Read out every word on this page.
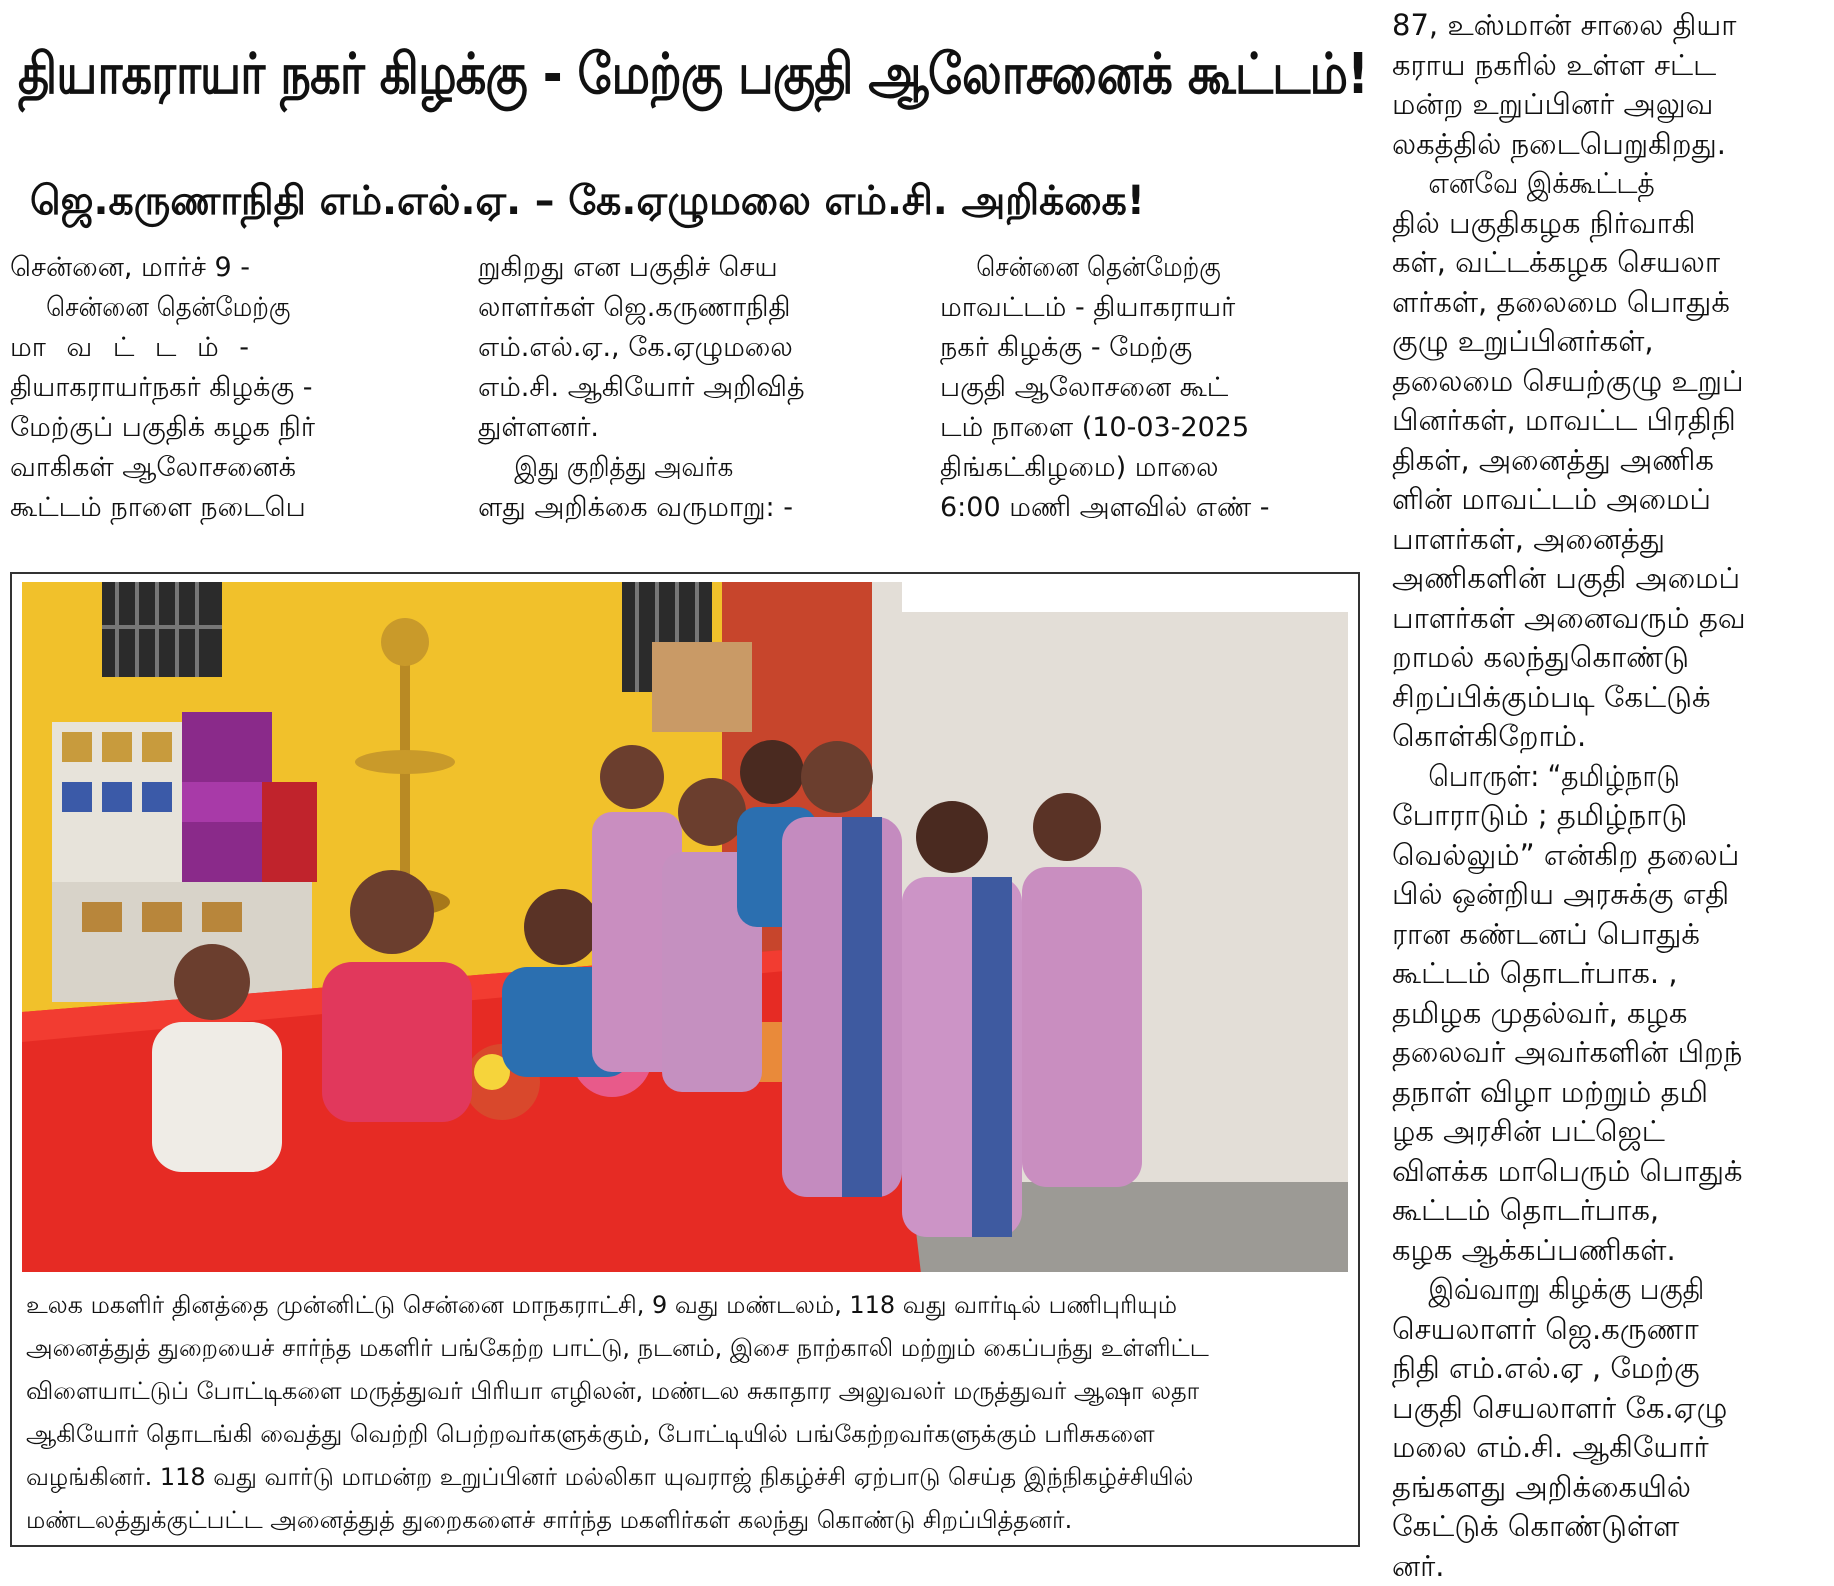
தியாகராயர் நகர் கிழக்கு - மேற்கு பகுதி ஆலோசனைக் கூட்டம்!
ஜெ.கருணாநிதி எம்.எல்.ஏ. – கே.ஏழுமலை எம்.சி. அறிக்கை!

சென்னை, மார்ச் 9 -

சென்னை தென்மேற்கு

மா வ ட் ட ம் -

தியாகராயர்நகர் கிழக்கு -

மேற்குப் பகுதிக் கழக நிர்

வாகிகள் ஆலோசனைக்

கூட்டம் நாளை நடைபெ

றுகிறது என பகுதிச் செய

லாளர்கள் ஜெ.கருணாநிதி

எம்.எல்.ஏ., கே.ஏழுமலை

எம்.சி. ஆகியோர் அறிவித்

துள்ளனர்.

இது குறித்து அவர்க

ளது அறிக்கை வருமாறு: -

சென்னை தென்மேற்கு

மாவட்டம் - தியாகராயர்

நகர் கிழக்கு - மேற்கு

பகுதி ஆலோசனை கூட்

டம் நாளை (10-03-2025

திங்கட்கிழமை) மாலை

6:00 மணி அளவில் எண் -

87, உஸ்மான் சாலை தியா

கராய நகரில் உள்ள சட்ட

மன்ற உறுப்பினர் அலுவ

லகத்தில் நடைபெறுகிறது.

எனவே இக்கூட்டத்

தில் பகுதிகழக நிர்வாகி

கள், வட்டக்கழக செயலா

ளர்கள், தலைமை பொதுக்

குழு உறுப்பினர்கள்,

தலைமை செயற்குழு உறுப்

பினர்கள், மாவட்ட பிரதிநி

திகள், அனைத்து அணிக

ளின் மாவட்டம் அமைப்

பாளர்கள், அனைத்து

அணிகளின் பகுதி அமைப்

பாளர்கள் அனைவரும் தவ

றாமல் கலந்துகொண்டு

சிறப்பிக்கும்படி கேட்டுக்

கொள்கிறோம்.

பொருள்: “தமிழ்நாடு

போராடும் ; தமிழ்நாடு

வெல்லும்” என்கிற தலைப்

பில் ஒன்றிய அரசுக்கு எதி

ரான கண்டனப் பொதுக்

கூட்டம் தொடர்பாக. ,

தமிழக முதல்வர், கழக

தலைவர் அவர்களின் பிறந்

தநாள் விழா மற்றும் தமி

ழக அரசின் பட்ஜெட்

விளக்க மாபெரும் பொதுக்

கூட்டம் தொடர்பாக,

கழக ஆக்கப்பணிகள்.

இவ்வாறு கிழக்கு பகுதி

செயலாளர் ஜெ.கருணா

நிதி எம்.எல்.ஏ , மேற்கு

பகுதி செயலாளர் கே.ஏழு

மலை எம்.சி. ஆகியோர்

தங்களது அறிக்கையில்

கேட்டுக் கொண்டுள்ள

னர்.

உலக மகளிர் தினத்தை முன்னிட்டு சென்னை மாநகராட்சி, 9 வது மண்டலம், 118 வது வார்டில் பணிபுரியும்

அனைத்துத் துறையைச் சார்ந்த மகளிர் பங்கேற்ற பாட்டு, நடனம், இசை நாற்காலி மற்றும் கைப்பந்து உள்ளிட்ட

விளையாட்டுப் போட்டிகளை மருத்துவர் பிரியா எழிலன், மண்டல சுகாதார அலுவலர் மருத்துவர் ஆஷா லதா

ஆகியோர் தொடங்கி வைத்து வெற்றி பெற்றவர்களுக்கும், போட்டியில் பங்கேற்றவர்களுக்கும் பரிசுகளை

வழங்கினர். 118 வது வார்டு மாமன்ற உறுப்பினர் மல்லிகா யுவராஜ் நிகழ்ச்சி ஏற்பாடு செய்த இந்நிகழ்ச்சியில்

மண்டலத்துக்குட்பட்ட அனைத்துத் துறைகளைச் சார்ந்த மகளிர்கள் கலந்து கொண்டு சிறப்பித்தனர்.
